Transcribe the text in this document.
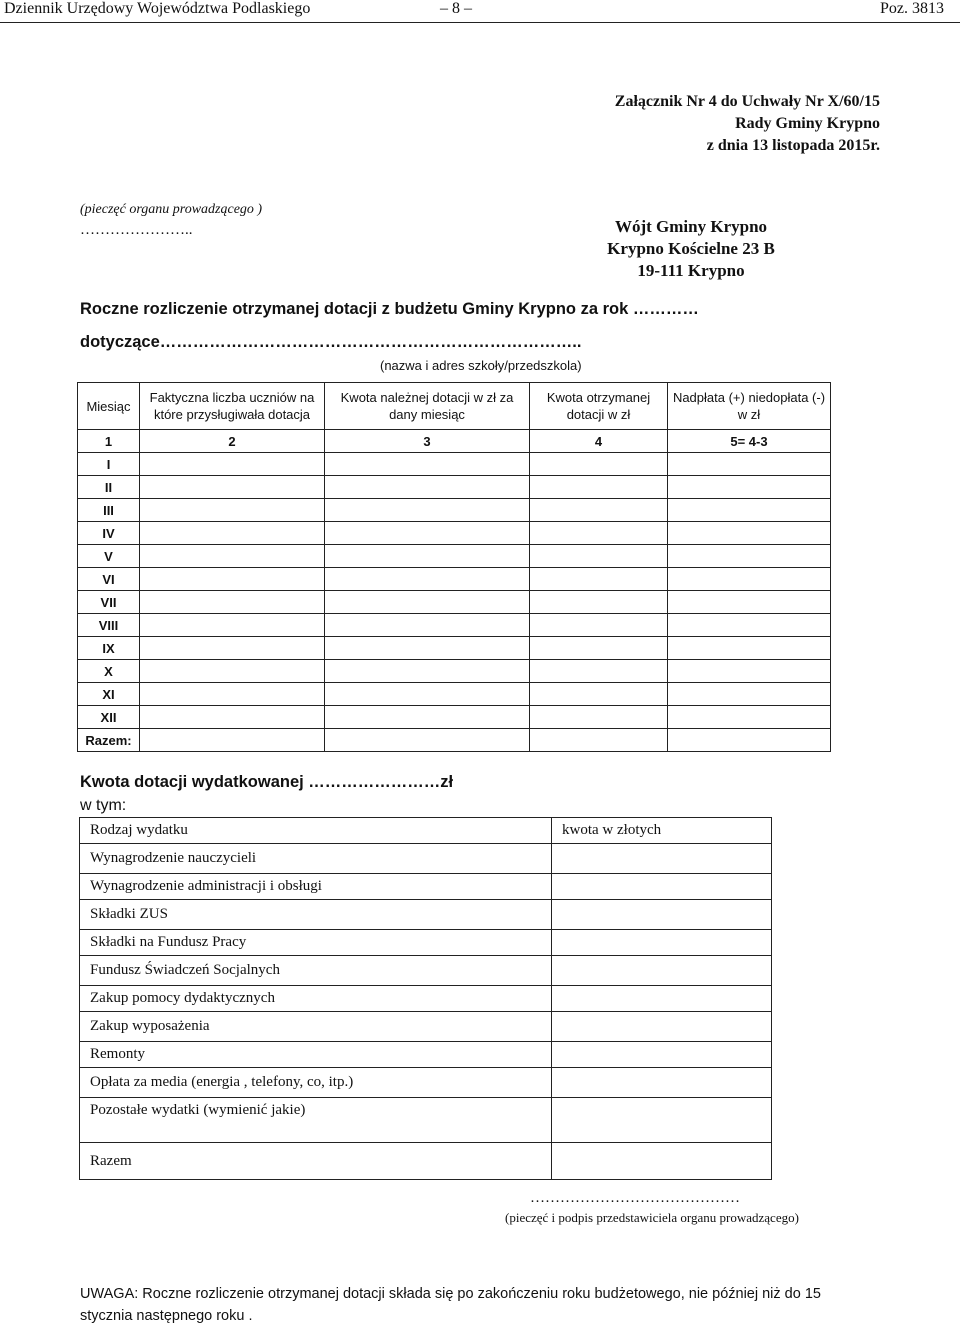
Dziennik Urzędowy Województwa Podlaskiego	– 8 –	Poz. 3813
Załącznik Nr 4 do Uchwały Nr X/60/15
Rady Gminy Krypno
z dnia 13 listopada 2015r.
(pieczęć organu prowadzącego )
…………………..	Wójt Gminy Krypno
Krypno Kościelne 23 B
19-111 Krypno
Roczne rozliczenie otrzymanej dotacji z budżetu Gminy Krypno za rok …………
dotyczące…………………………………………………………………..
(nazwa i adres szkoły/przedszkola)
Miesiąc	Faktyczna liczba uczniów na które przysługiwała dotacja	Kwota należnej dotacji w zł za dany miesiąc	Kwota otrzymanej dotacji w zł	Nadpłata (+) niedopłata (-) w zł
1	2	3	4	5= 4-3
I				
II				
III				
IV				
V				
VI				
VII				
VIII				
IX				
X				
XI				
XII				
Razem:				
Kwota dotacji wydatkowanej ……………………zł
w tym:
Rodzaj wydatku	kwota w złotych
Wynagrodzenie nauczycieli	
Wynagrodzenie administracji i obsługi	
Składki ZUS	
Składki na Fundusz Pracy	
Fundusz Świadczeń Socjalnych	
Zakup pomocy dydaktycznych	
Zakup wyposażenia	
Remonty	
Opłata za media (energia , telefony, co, itp.)	
Pozostałe wydatki (wymienić jakie)	
Razem	
……………………………………
(pieczęć i podpis przedstawiciela organu prowadzącego)
UWAGA: Roczne rozliczenie otrzymanej dotacji składa się po zakończeniu roku budżetowego, nie później niż do 15
stycznia następnego roku .
